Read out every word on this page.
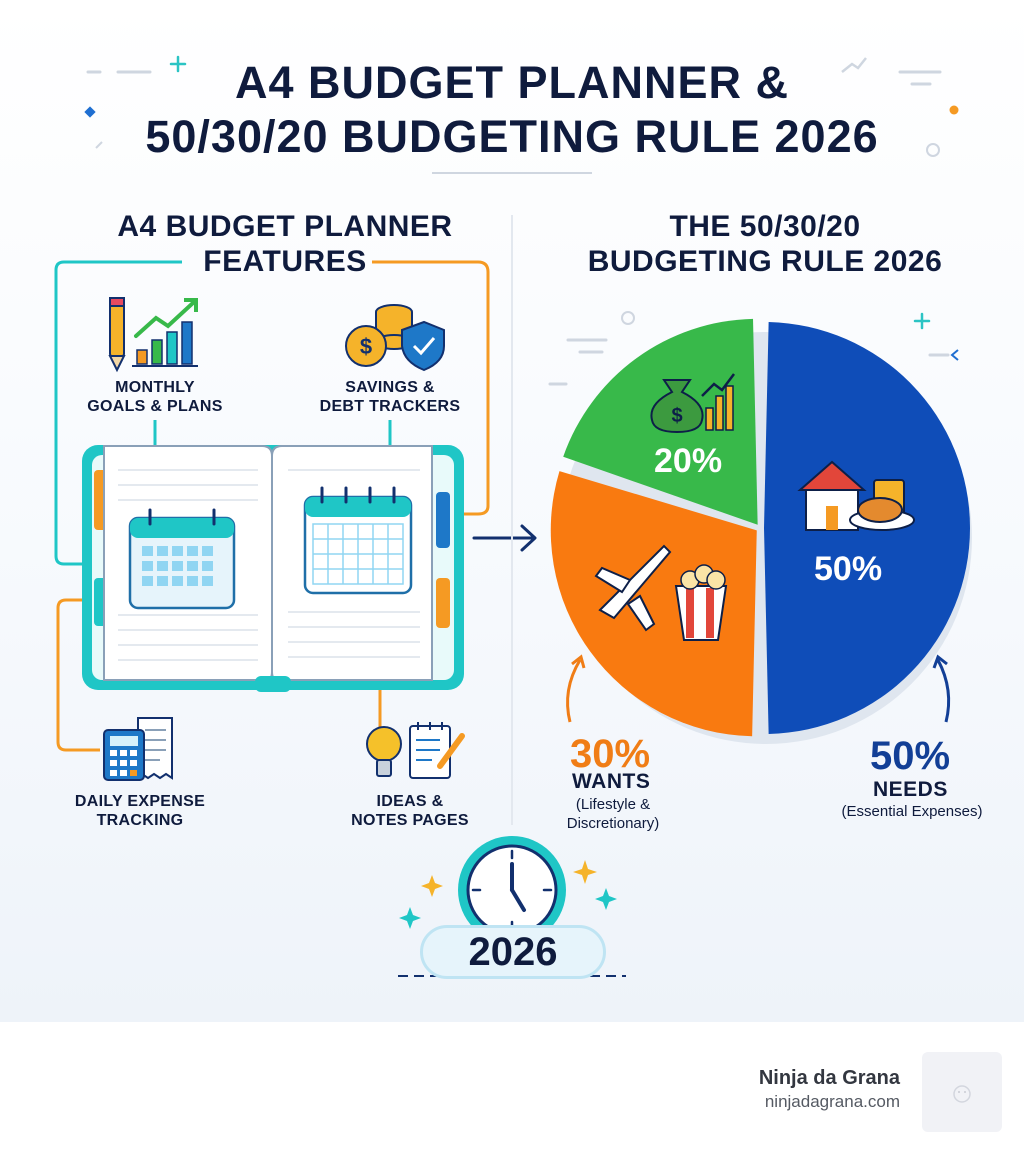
$
$
A4 BUDGET PLANNER &
50/30/20 BUDGETING RULE 2026
A4 BUDGET PLANNER
FEATURES
THE 50/30/20
BUDGETING RULE 2026
MONTHLY
GOALS & PLANS
SAVINGS &
DEBT TRACKERS
DAILY EXPENSE
TRACKING
IDEAS &
NOTES PAGES
20%
50%
30%
WANTS
(Lifestyle &
Discretionary)
50%
NEEDS
(Essential Expenses)
2026
Ninja da Grana
ninjadagrana.com
